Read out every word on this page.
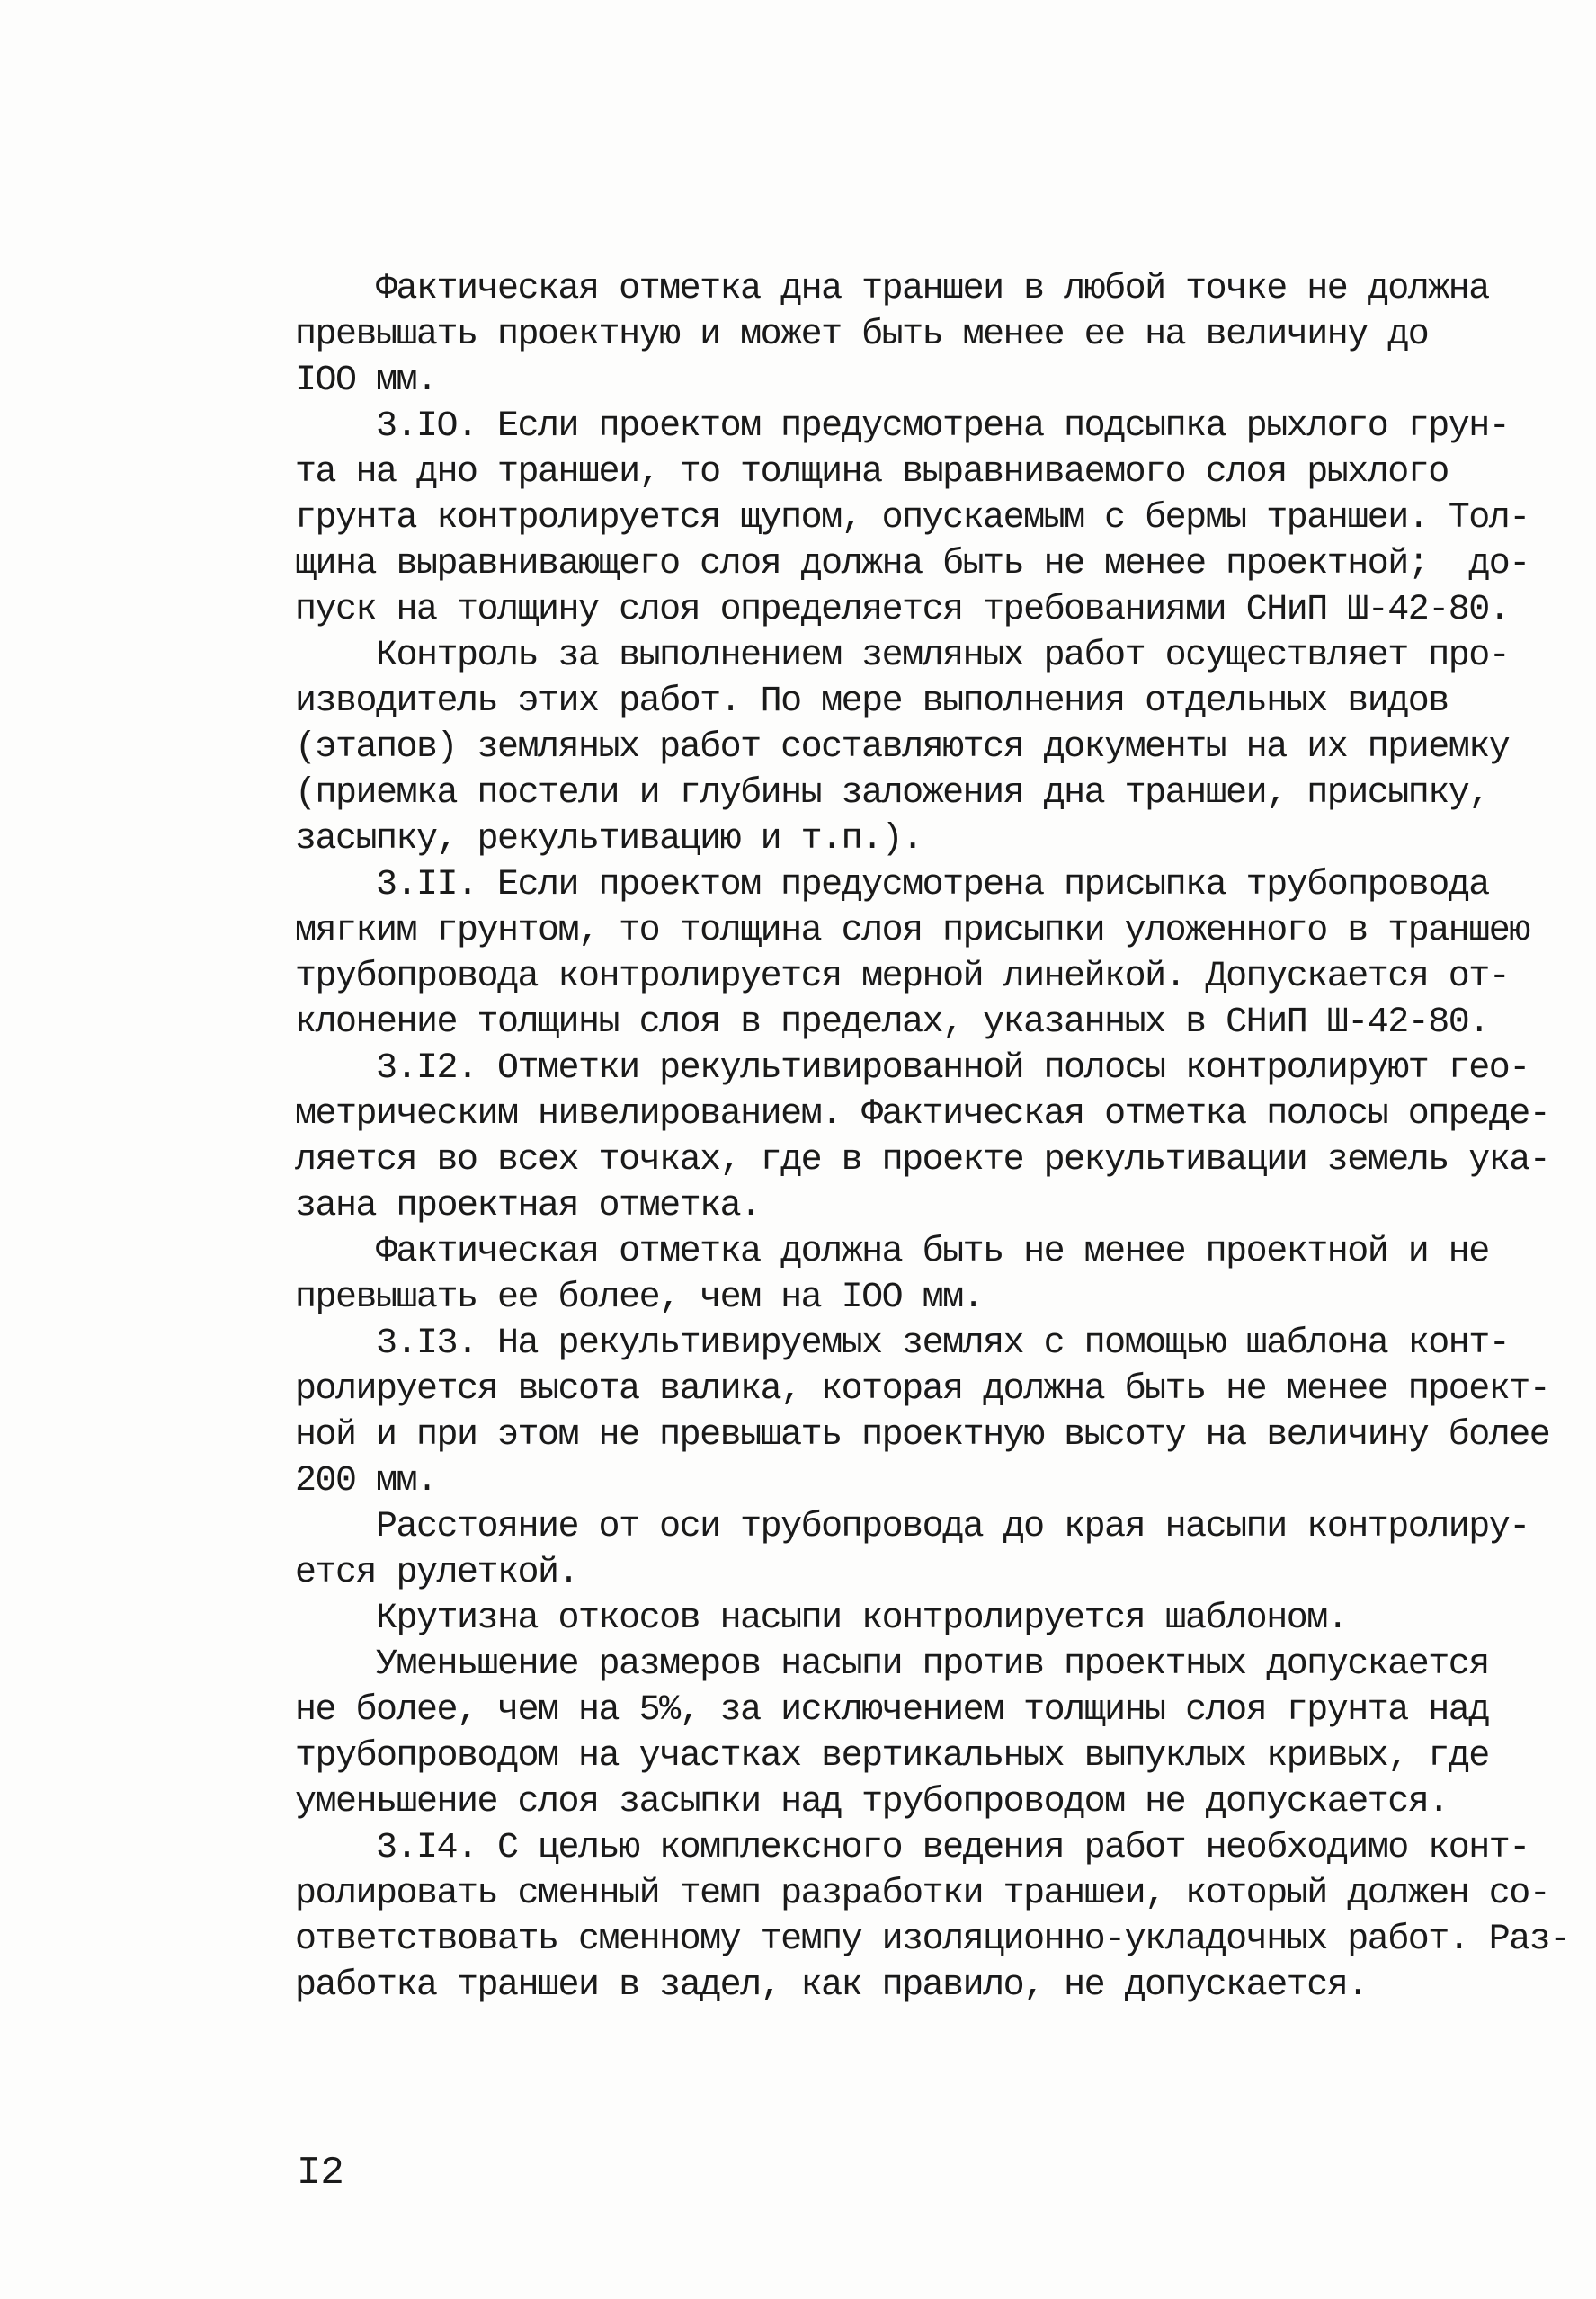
Фактическая отметка дна траншеи в любой точке не должна
превышать проектную и может быть менее ее на величину до
IOO мм.
3.IO. Если проектом предусмотрена подсыпка рыхлого грун-
та на дно траншеи, то толщина выравниваемого слоя рыхлого
грунта контролируется щупом, опускаемым с бермы траншеи. Тол-
щина выравнивающего слоя должна быть не менее проектной;  до-
пуск на толщину слоя определяется требованиями СНиП Ш-42-80.
Контроль за выполнением земляных работ осуществляет про-
изводитель этих работ. По мере выполнения отдельных видов
(этапов) земляных работ составляются документы на их приемку
(приемка постели и глубины заложения дна траншеи, присыпку,
засыпку, рекультивацию и т.п.).
3.II. Если проектом предусмотрена присыпка трубопровода
мягким грунтом, то толщина слоя присыпки уложенного в траншею
трубопровода контролируется мерной линейкой. Допускается от-
клонение толщины слоя в пределах, указанных в СНиП Ш-42-80.
3.I2. Отметки рекультивированной полосы контролируют гео-
метрическим нивелированием. Фактическая отметка полосы опреде-
ляется во всех точках, где в проекте рекультивации земель ука-
зана проектная отметка.
Фактическая отметка должна быть не менее проектной и не
превышать ее более, чем на IOO мм.
3.I3. На рекультивируемых землях с помощью шаблона конт-
ролируется высота валика, которая должна быть не менее проект-
ной и при этом не превышать проектную высоту на величину более
200 мм.
Расстояние от оси трубопровода до края насыпи контролиру-
ется рулеткой.
Крутизна откосов насыпи контролируется шаблоном.
Уменьшение размеров насыпи против проектных допускается
не более, чем на 5%, за исключением толщины слоя грунта над
трубопроводом на участках вертикальных выпуклых кривых, где
уменьшение слоя засыпки над трубопроводом не допускается.
3.I4. С целью комплексного ведения работ необходимо конт-
ролировать сменный темп разработки траншеи, который должен со-
ответствовать сменному темпу изоляционно-укладочных работ. Раз-
работка траншеи в задел, как правило, не допускается.
I2
